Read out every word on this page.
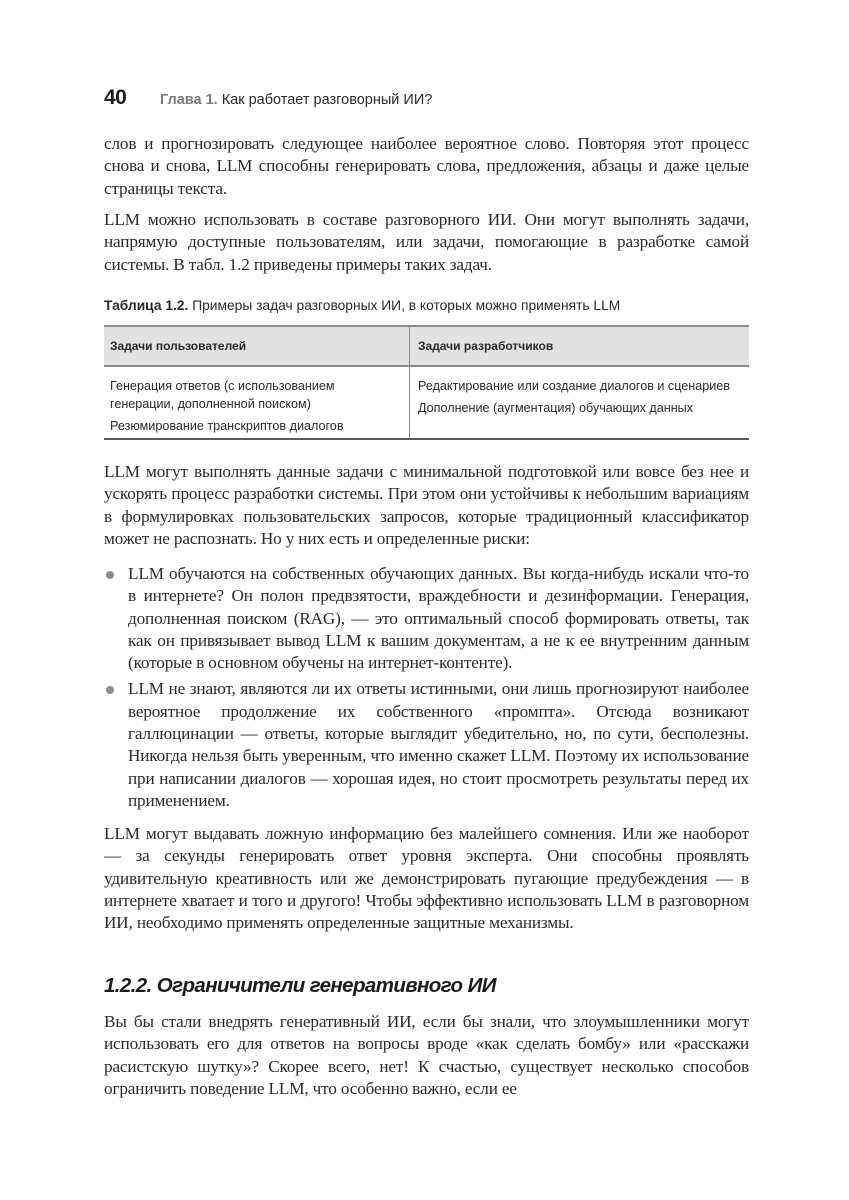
40	Глава 1. Как работает разговорный ИИ?

слов и прогнозировать следующее наиболее вероятное слово. Повторяя этот процесс снова и снова, LLM способны генерировать слова, предложения, абзацы и даже целые страницы текста.

LLM можно использовать в составе разговорного ИИ. Они могут выполнять задачи, напрямую доступные пользователям, или задачи, помогающие в разработке самой системы. В табл. 1.2 приведены примеры таких задач.

Таблица 1.2. Примеры задач разговорных ИИ, в которых можно применять LLM
Задачи пользователей	Задачи разработчиков
Генерация ответов (с использованием генерации, дополненной поиском)
Резюмирование транскриптов диалогов
Редактирование или создание диалогов и сценариев
Дополнение (аугментация) обучающих данных

LLM могут выполнять данные задачи с минимальной подготовкой или вовсе без нее и ускорять процесс разработки системы. При этом они устойчивы к небольшим вариациям в формулировках пользовательских запросов, которые традиционный классификатор может не распознать. Но у них есть и определенные риски:

LLM обучаются на собственных обучающих данных. Вы когда-нибудь искали что-то в интернете? Он полон предвзятости, враждебности и дезинформации. Генерация, дополненная поиском (RAG), — это оптимальный способ формировать ответы, так как он привязывает вывод LLM к вашим документам, а не к ее внутренним данным (которые в основном обучены на интернет-контенте).

LLM не знают, являются ли их ответы истинными, они лишь прогнозируют наиболее вероятное продолжение их собственного «промпта». Отсюда возникают галлюцинации — ответы, которые выглядит убедительно, но, по сути, бесполезны. Никогда нельзя быть уверенным, что именно скажет LLM. Поэтому их использование при написании диалогов — хорошая идея, но стоит просмотреть результаты перед их применением.

LLM могут выдавать ложную информацию без малейшего сомнения. Или же наоборот — за секунды генерировать ответ уровня эксперта. Они способны проявлять удивительную креативность или же демонстрировать пугающие предубеждения — в интернете хватает и того и другого! Чтобы эффективно использовать LLM в разговорном ИИ, необходимо применять определенные защитные механизмы.

1.2.2. Ограничители генеративного ИИ

Вы бы стали внедрять генеративный ИИ, если бы знали, что злоумышленники могут использовать его для ответов на вопросы вроде «как сделать бомбу» или «расскажи расистскую шутку»? Скорее всего, нет! К счастью, существует несколько способов ограничить поведение LLM, что особенно важно, если ее
